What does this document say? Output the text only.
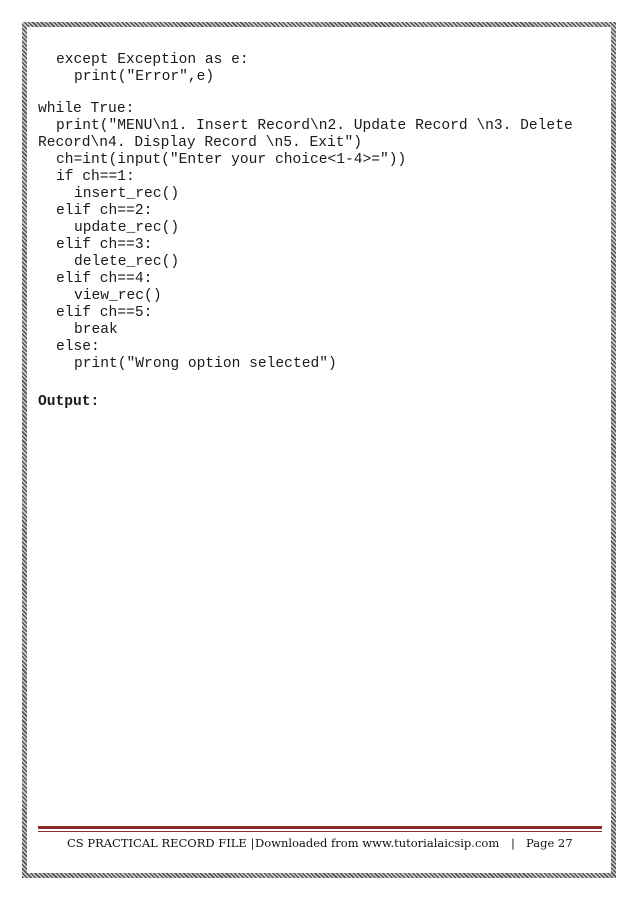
except Exception as e:
print("Error",e)
while True:
print("MENU\n1. Insert Record\n2. Update Record \n3. Delete
Record\n4. Display Record \n5. Exit")
ch=int(input("Enter your choice<1-4>="))
if ch==1:
insert_rec()
elif ch==2:
update_rec()
elif ch==3:
delete_rec()
elif ch==4:
view_rec()
elif ch==5:
break
else:
print("Wrong option selected")
Output:
CS PRACTICAL RECORD FILE | Downloaded from www.tutorialaicsip.com | Page 27
